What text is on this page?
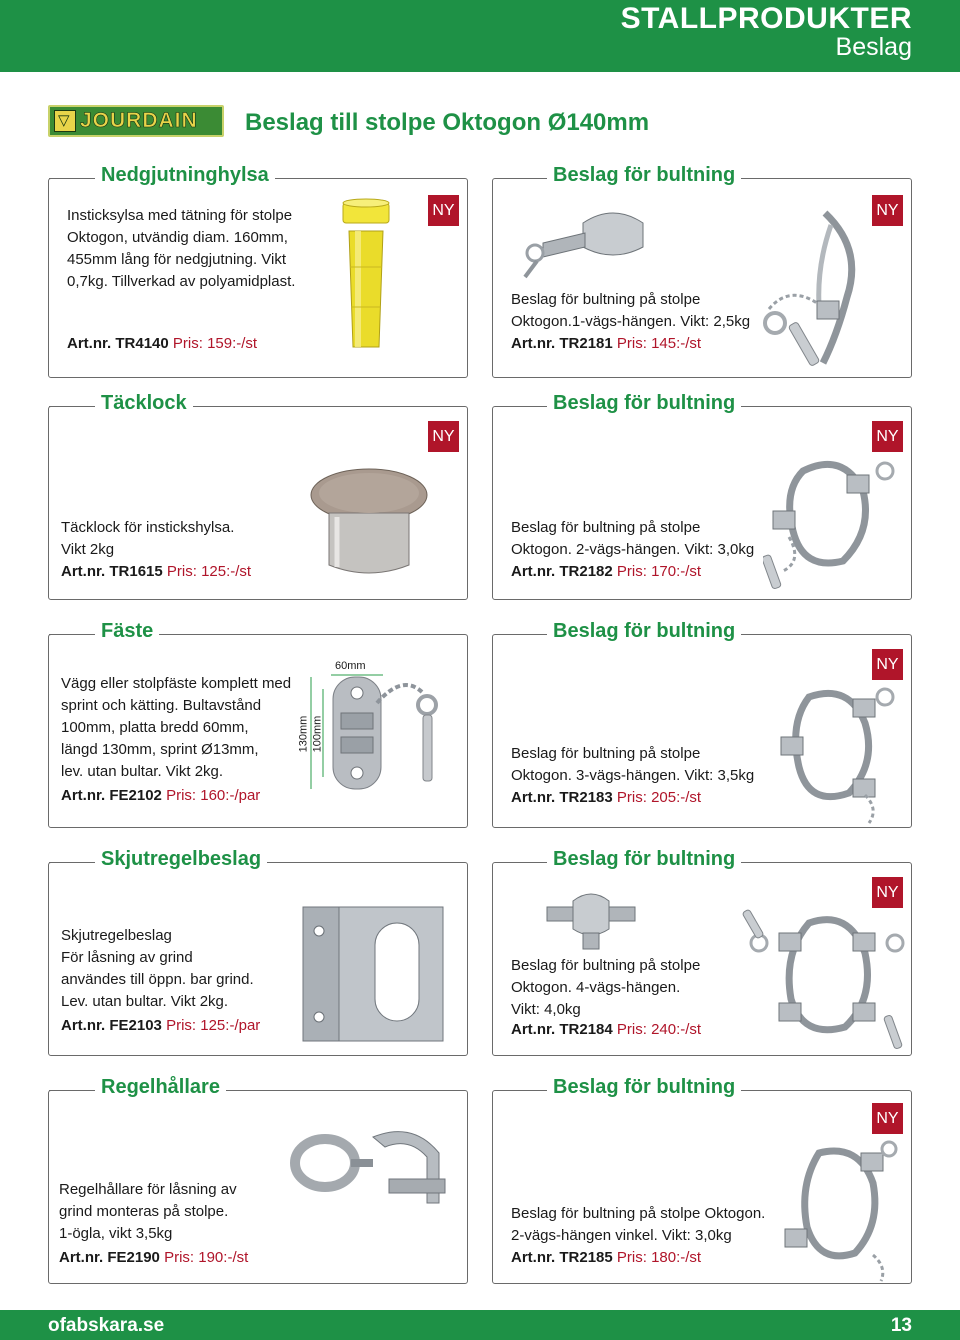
STALLPRODUKTER
Beslag
▽
JOURDAIN Beslag till stolpe Oktogon Ø140mm
Nedgjutninghylsa
NY
Insticksylsa med tätning för stolpe
Oktogon, utvändig diam. 160mm,
455mm lång för nedgjutning. Vikt
0,7kg. Tillverkad av polyamidplast.
Art.nr. TR4140 Pris: 159:-/st
Täcklock
NY
Täcklock för instickshylsa.
Vikt 2kg
Art.nr. TR1615 Pris: 125:-/st
Fäste
Vägg eller stolpfäste komplett med
sprint och kätting. Bultavstånd
100mm, platta bredd 60mm,
längd 130mm, sprint Ø13mm,
lev. utan bultar. Vikt 2kg.
Art.nr. FE2102 Pris: 160:-/par
60mm
130mm 100mm
Skjutregelbeslag
Skjutregelbeslag
För låsning av grind
användes till öppn. bar grind.
Lev. utan bultar. Vikt 2kg.
Art.nr. FE2103 Pris: 125:-/par
Regelhållare
Regelhållare för låsning av
grind monteras på stolpe.
1-ögla, vikt 3,5kg
Art.nr. FE2190 Pris: 190:-/st
Beslag för bultning
NY
Beslag för bultning på stolpe
Oktogon.1-vägs-hängen. Vikt: 2,5kg
Art.nr. TR2181 Pris: 145:-/st
Beslag för bultning
NY
Beslag för bultning på stolpe
Oktogon. 2-vägs-hängen. Vikt: 3,0kg
Art.nr. TR2182 Pris: 170:-/st
Beslag för bultning
NY
Beslag för bultning på stolpe
Oktogon. 3-vägs-hängen. Vikt: 3,5kg
Art.nr. TR2183 Pris: 205:-/st
Beslag för bultning
NY
Beslag för bultning på stolpe
Oktogon. 4-vägs-hängen.
Vikt: 4,0kg
Art.nr. TR2184 Pris: 240:-/st
Beslag för bultning
NY
Beslag för bultning på stolpe Oktogon.
2-vägs-hängen vinkel. Vikt: 3,0kg
Art.nr. TR2185 Pris: 180:-/st
ofabskara.se	13
